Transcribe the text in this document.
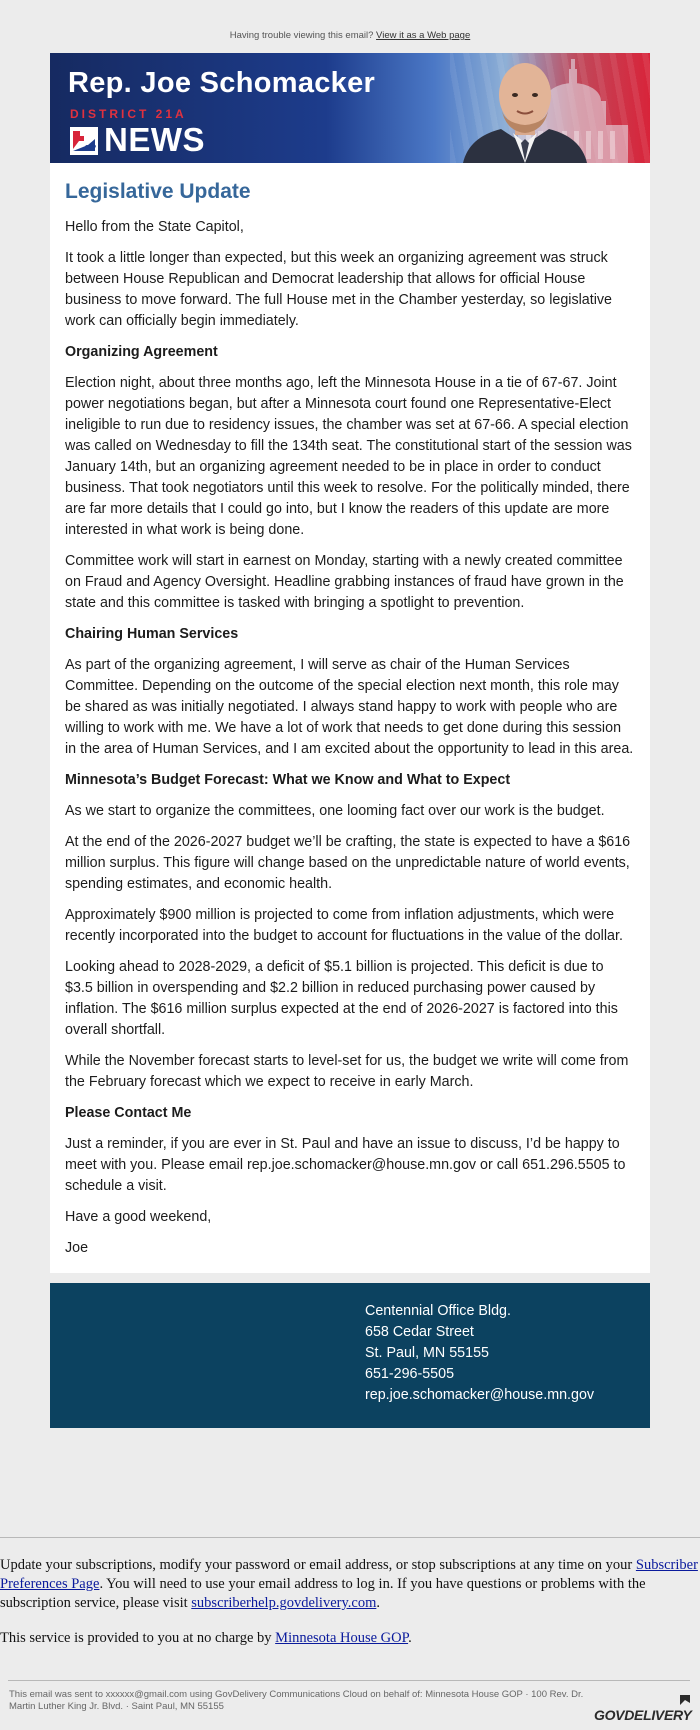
Having trouble viewing this email? View it as a Web page
Rep. Joe Schomacker
DISTRICT 21A
GOP NEWS
Legislative Update

Hello from the State Capitol,

It took a little longer than expected, but this week an organizing agreement was struck between House Republican and Democrat leadership that allows for official House business to move forward. The full House met in the Chamber yesterday, so legislative work can officially begin immediately.

Organizing Agreement

Election night, about three months ago, left the Minnesota House in a tie of 67-67. Joint power negotiations began, but after a Minnesota court found one Representative-Elect ineligible to run due to residency issues, the chamber was set at 67-66. A special election was called on Wednesday to fill the 134th seat. The constitutional start of the session was January 14th, but an organizing agreement needed to be in place in order to conduct business. That took negotiators until this week to resolve. For the politically minded, there are far more details that I could go into, but I know the readers of this update are more interested in what work is being done.

Committee work will start in earnest on Monday, starting with a newly created committee on Fraud and Agency Oversight. Headline grabbing instances of fraud have grown in the state and this committee is tasked with bringing a spotlight to prevention.

Chairing Human Services

As part of the organizing agreement, I will serve as chair of the Human Services Committee. Depending on the outcome of the special election next month, this role may be shared as was initially negotiated. I always stand happy to work with people who are willing to work with me. We have a lot of work that needs to get done during this session in the area of Human Services, and I am excited about the opportunity to lead in this area.

Minnesota’s Budget Forecast: What we Know and What to Expect

As we start to organize the committees, one looming fact over our work is the budget.

At the end of the 2026-2027 budget we’ll be crafting, the state is expected to have a $616 million surplus. This figure will change based on the unpredictable nature of world events, spending estimates, and economic health.

Approximately $900 million is projected to come from inflation adjustments, which were recently incorporated into the budget to account for fluctuations in the value of the dollar.

Looking ahead to 2028-2029, a deficit of $5.1 billion is projected. This deficit is due to $3.5 billion in overspending and $2.2 billion in reduced purchasing power caused by inflation. The $616 million surplus expected at the end of 2026-2027 is factored into this overall shortfall.

While the November forecast starts to level-set for us, the budget we write will come from the February forecast which we expect to receive in early March.

Please Contact Me

Just a reminder, if you are ever in St. Paul and have an issue to discuss, I’d be happy to meet with you. Please email rep.joe.schomacker@house.mn.gov or call 651.296.5505 to schedule a visit.

Have a good weekend,

Joe

Centennial Office Bldg.
658 Cedar Street
St. Paul, MN 55155
651-296-5505
rep.joe.schomacker@house.mn.gov

Update your subscriptions, modify your password or email address, or stop subscriptions at any time on your Subscriber Preferences Page. You will need to use your email address to log in. If you have questions or problems with the subscription service, please visit subscriberhelp.govdelivery.com.

This service is provided to you at no charge by Minnesota House GOP.

This email was sent to xxxxxx@gmail.com using GovDelivery Communications Cloud on behalf of: Minnesota House GOP · 100 Rev. Dr. Martin Luther King Jr. Blvd. · Saint Paul, MN 55155
GOVDELIVERY
